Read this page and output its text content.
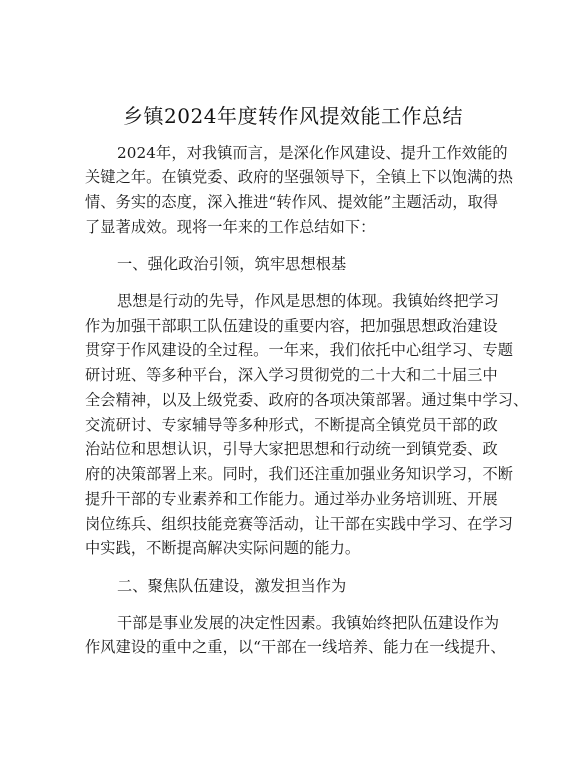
乡镇2024年度转作风提效能工作总结
2024年，对我镇而言，是深化作风建设、提升工作效能的
关键之年。在镇党委、政府的坚强领导下，全镇上下以饱满的热
情、务实的态度，深入推进“转作风、提效能”主题活动，取得
了显著成效。现将一年来的工作总结如下：
一、强化政治引领，筑牢思想根基
思想是行动的先导，作风是思想的体现。我镇始终把学习
作为加强干部职工队伍建设的重要内容，把加强思想政治建设
贯穿于作风建设的全过程。一年来，我们依托中心组学习、专题
研讨班、等多种平台，深入学习贯彻党的二十大和二十届三中
全会精神，以及上级党委、政府的各项决策部署。通过集中学习、
交流研讨、专家辅导等多种形式，不断提高全镇党员干部的政
治站位和思想认识，引导大家把思想和行动统一到镇党委、政
府的决策部署上来。同时，我们还注重加强业务知识学习，不断
提升干部的专业素养和工作能力。通过举办业务培训班、开展
岗位练兵、组织技能竞赛等活动，让干部在实践中学习、在学习
中实践，不断提高解决实际问题的能力。
二、聚焦队伍建设，激发担当作为
干部是事业发展的决定性因素。我镇始终把队伍建设作为
作风建设的重中之重，以“干部在一线培养、能力在一线提升、
